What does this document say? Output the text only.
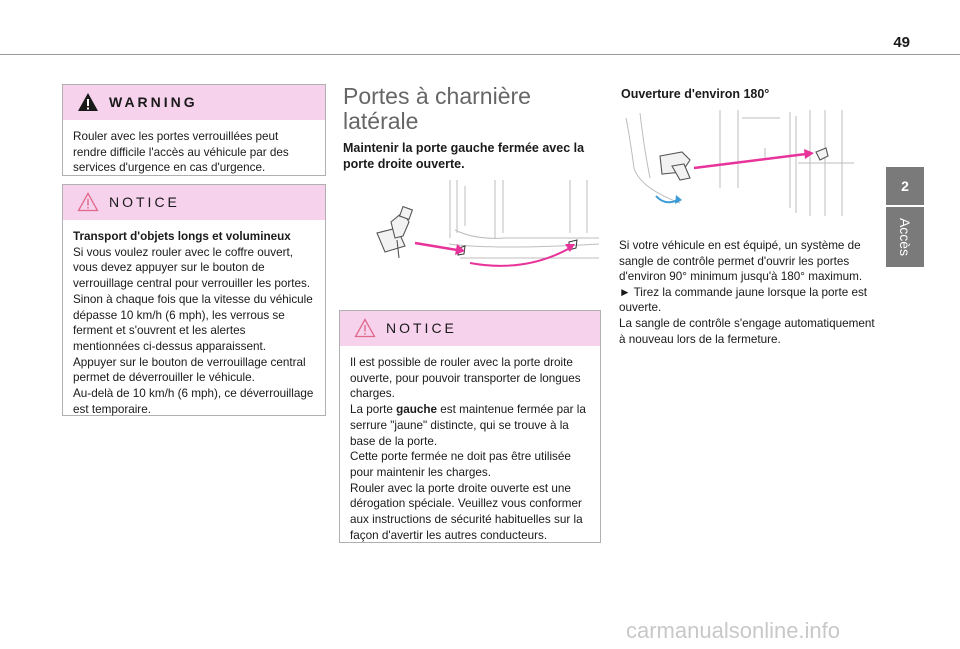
49
2
Accès
WARNING

Rouler avec les portes verrouillées peut rendre difficile l'accès au véhicule par des services d'urgence en cas d'urgence.

NOTICE

Transport d'objets longs et volumineux

Si vous voulez rouler avec le coffre ouvert, vous devez appuyer sur le bouton de verrouillage central pour verrouiller les portes. Sinon à chaque fois que la vitesse du véhicule dépasse 10 km/h (6 mph), les verrous se ferment et s'ouvrent et les alertes mentionnées ci-dessus apparaissent.

Appuyer sur le bouton de verrouillage central permet de déverrouiller le véhicule.

Au-delà de 10 km/h (6 mph), ce déverrouillage est temporaire.

Portes à charnière latérale
Maintenir la porte gauche fermée avec la porte droite ouverte.
NOTICE

Il est possible de rouler avec la porte droite ouverte, pour pouvoir transporter de longues charges.

La porte gauche est maintenue fermée par la serrure "jaune" distincte, qui se trouve à la base de la porte.

Cette porte fermée ne doit pas être utilisée pour maintenir les charges.

Rouler avec la porte droite ouverte est une dérogation spéciale. Veuillez vous conformer aux instructions de sécurité habituelles sur la façon d'avertir les autres conducteurs.

Ouverture d'environ 180°

Si votre véhicule en est équipé, un système de sangle de contrôle permet d'ouvrir les portes d'environ 90° minimum jusqu'à 180° maximum.

► Tirez la commande jaune lorsque la porte est ouverte.

La sangle de contrôle s'engage automatiquement à nouveau lors de la fermeture.

carmanualsonline.info
